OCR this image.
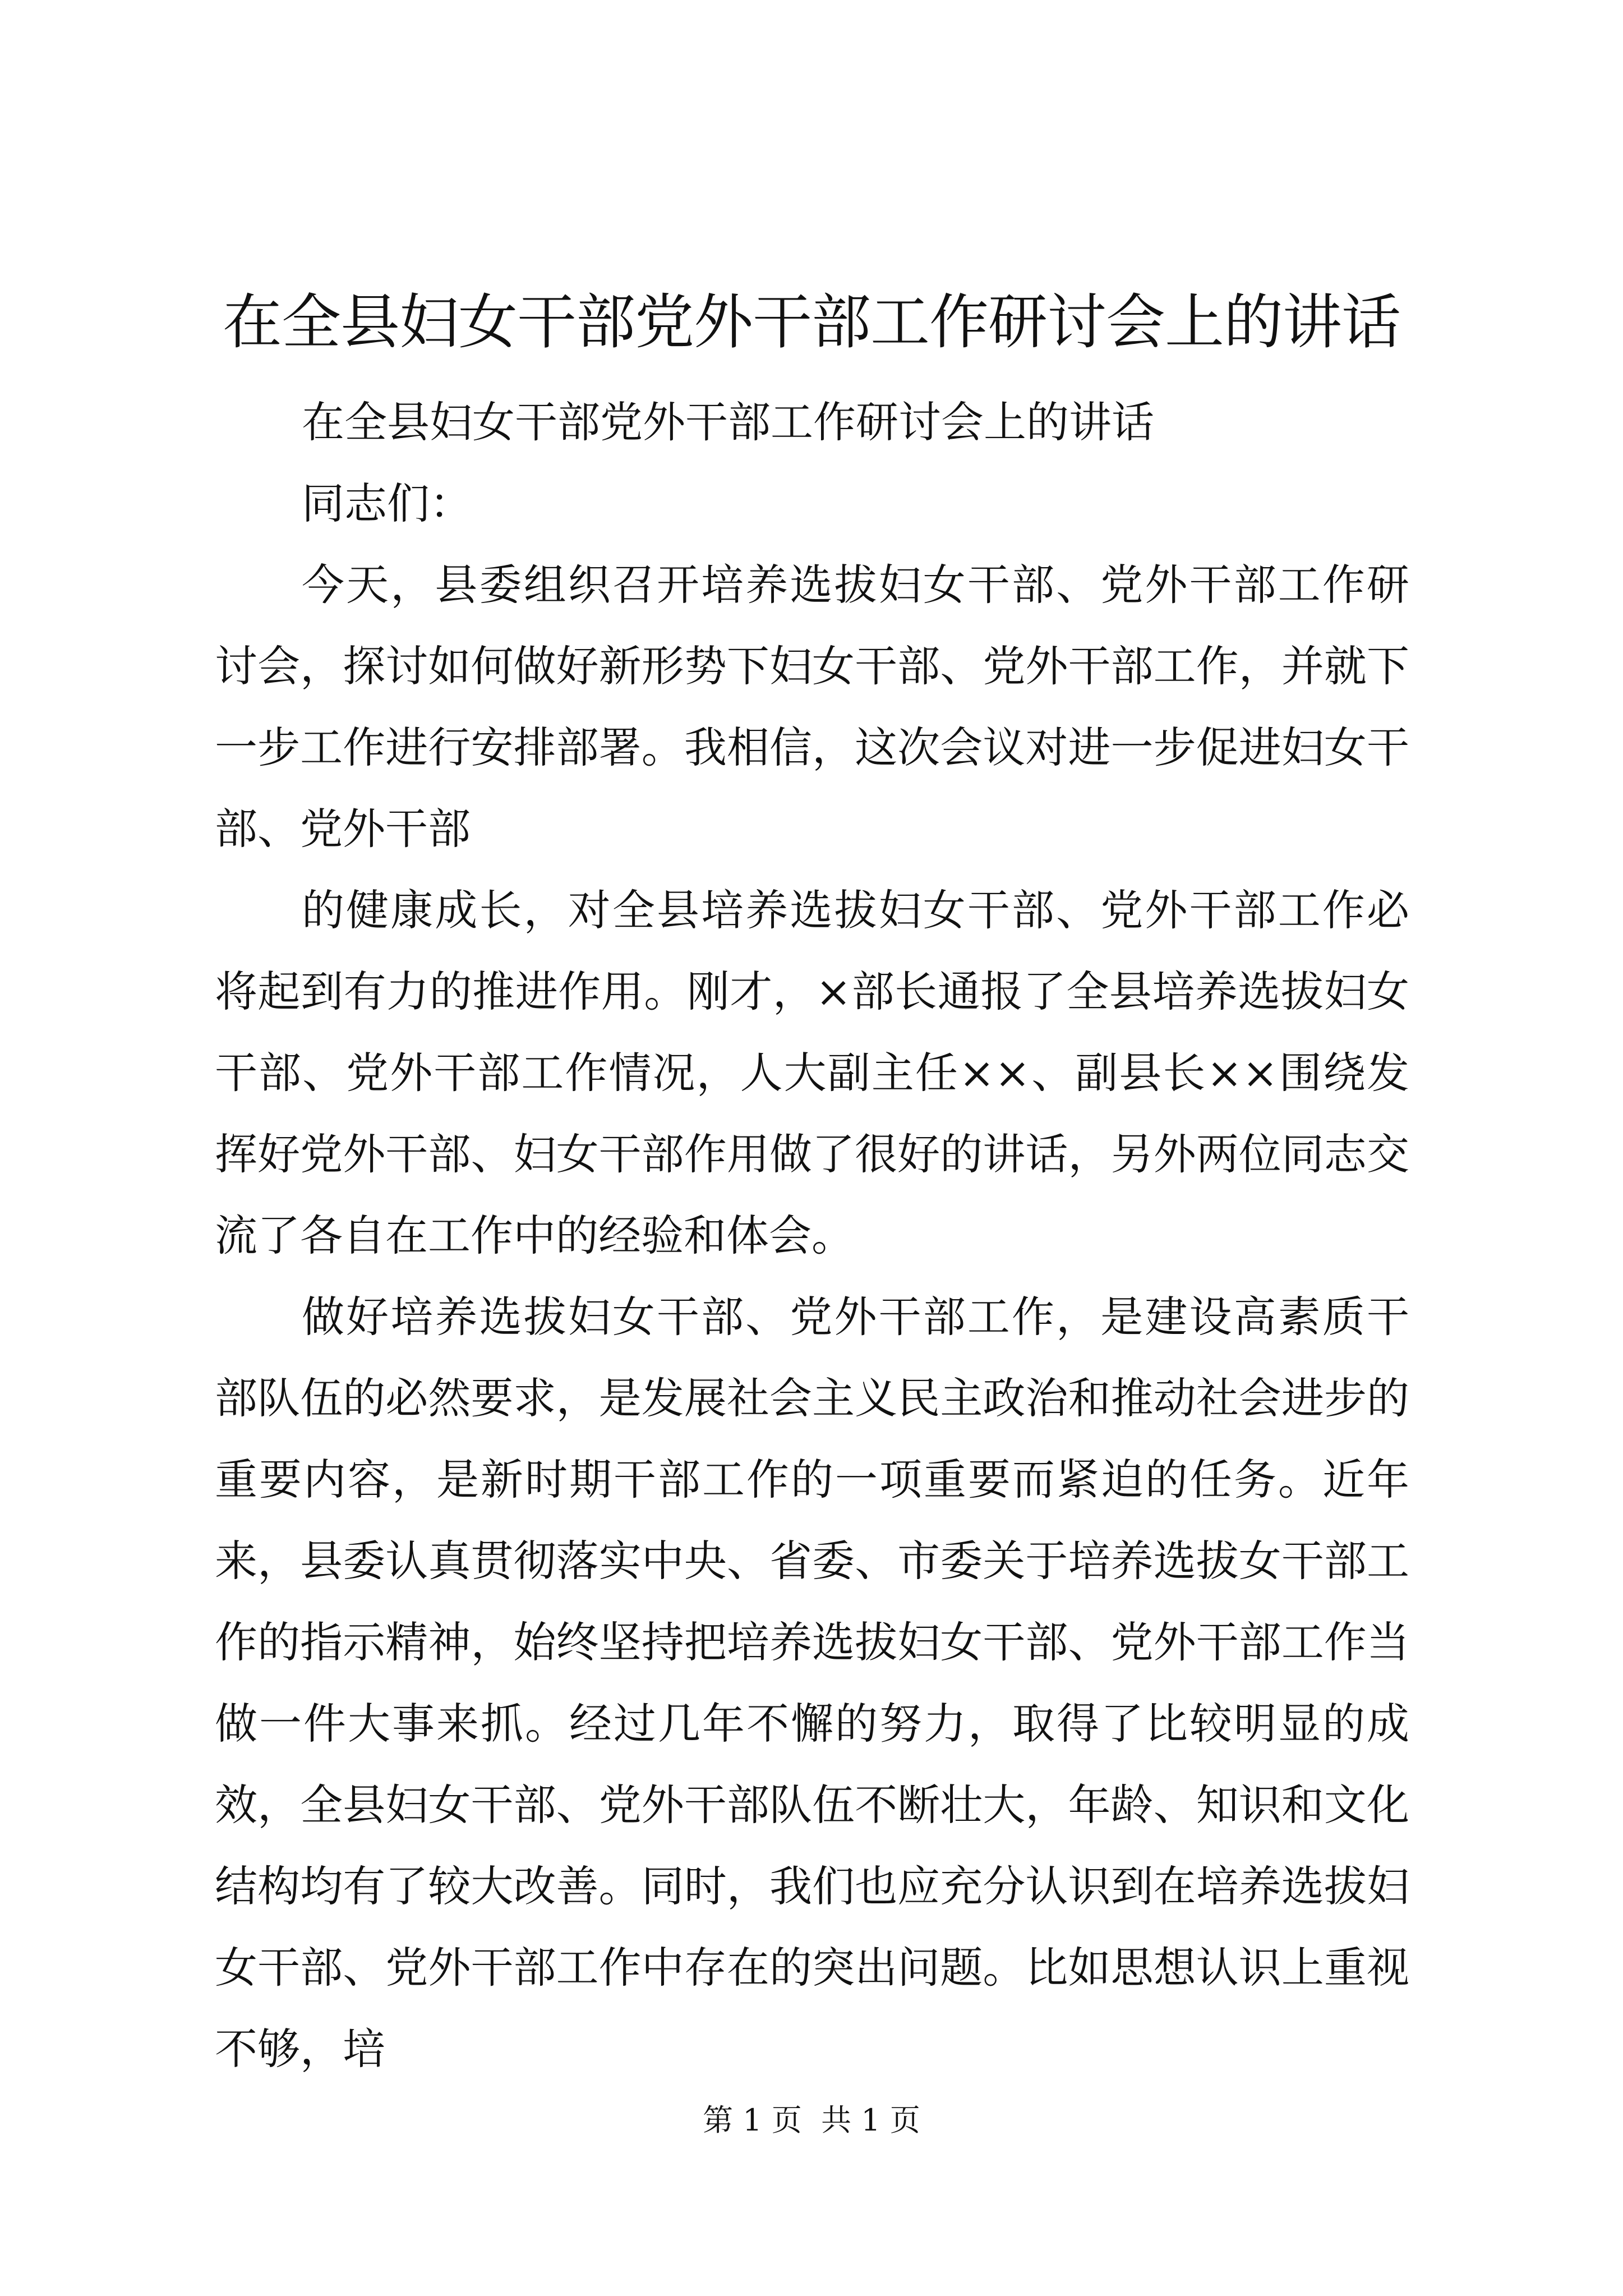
在全县妇女干部党外干部工作研讨会上的讲话

在全县妇女干部党外干部工作研讨会上的讲话

同志们：

今天，县委组织召开培养选拔妇女干部、党外干部工作研讨会，探讨如何做好新形势下妇女干部、党外干部工作，并就下一步工作进行安排部署。我相信，这次会议对进一步促进妇女干部、党外干部

的健康成长，对全县培养选拔妇女干部、党外干部工作必将起到有力的推进作用。刚才，×部长通报了全县培养选拔妇女干部、党外干部工作情况，人大副主任××、副县长××围绕发挥好党外干部、妇女干部作用做了很好的讲话，另外两位同志交流了各自在工作中的经验和体会。

做好培养选拔妇女干部、党外干部工作，是建设高素质干部队伍的必然要求，是发展社会主义民主政治和推动社会进步的重要内容，是新时期干部工作的一项重要而紧迫的任务。近年来，县委认真贯彻落实中央、省委、市委关于培养选拔女干部工作的指示精神，始终坚持把培养选拔妇女干部、党外干部工作当做一件大事来抓。经过几年不懈的努力，取得了比较明显的成效，全县妇女干部、党外干部队伍不断壮大，年龄、知识和文化结构均有了较大改善。同时，我们也应充分认识到在培养选拔妇女干部、党外干部工作中存在的突出问题。比如思想认识上重视不够，培

第 1 页  共 1 页
